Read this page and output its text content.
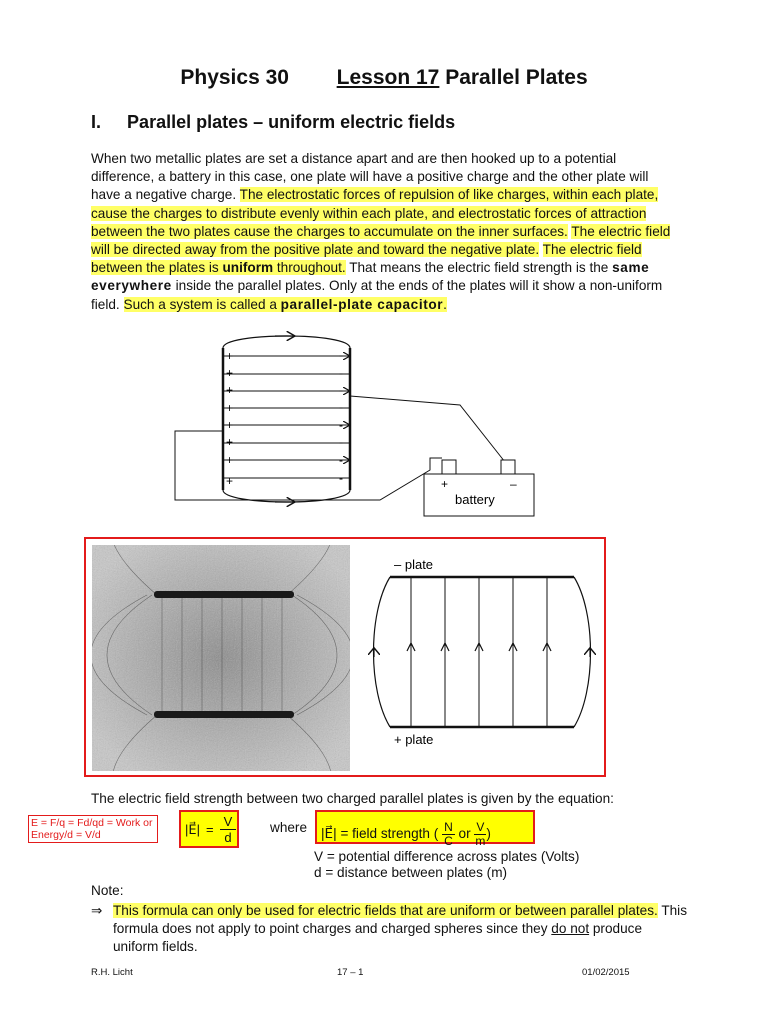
Physics 30 Lesson 17 Parallel Plates
I. Parallel plates – uniform electric fields
When two metallic plates are set a distance apart and are then hooked up to a potential difference, a battery in this case, one plate will have a positive charge and the other plate will have a negative charge. The electrostatic forces of repulsion of like charges, within each plate, cause the charges to distribute evenly within each plate, and electrostatic forces of attraction between the two plates cause the charges to accumulate on the inner surfaces. The electric field will be directed away from the positive plate and toward the negative plate. The electric field between the plates is uniform throughout. That means the electric field strength is the same everywhere inside the parallel plates. Only at the ends of the plates will it show a non-uniform field. Such a system is called a parallel-plate capacitor.
+
+
+
+
+
+
+
+
-
-
-
-
-
-
-
-	+	–
battery
– plate
+ plate
The electric field strength between two charged parallel plates is given by the equation:
E = F/q = Fd/qd = Work or Energy/d = V/d	|E⃗| = $\frac{V}{d}$	where |E⃗| = field strength ( $\frac{N}{C}$ or $\frac{V}{m}$)
V = potential difference across plates (Volts)
d = distance between plates (m)
Note:
⇒ This formula can only be used for electric fields that are uniform or between parallel plates. This formula does not apply to point charges and charged spheres since they do not produce uniform fields.
R.H. Licht	17 – 1	01/02/2015
